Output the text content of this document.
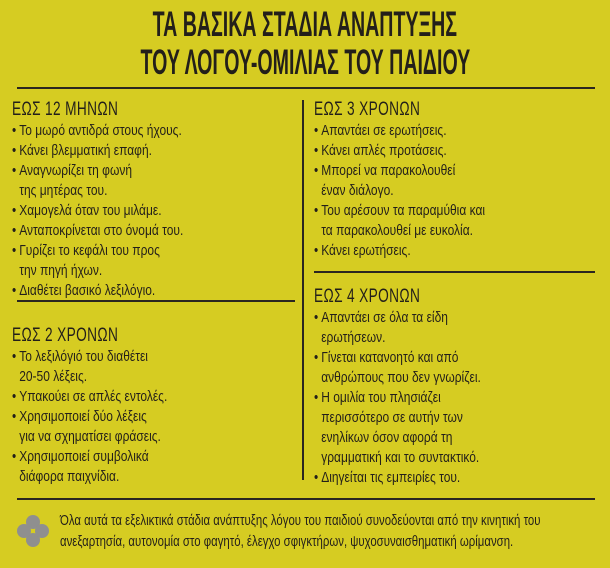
ΤΑ ΒΑΣΙΚΑ ΣΤΑΔΙΑ ΑΝΑΠΤΥΞΗΣ
ΤΟΥ ΛΟΓΟΥ-ΟΜΙΛΙΑΣ ΤΟΥ ΠΑΙΔΙΟΥ
ΕΩΣ 12 ΜΗΝΩΝ
• Το μωρό αντιδρά στους ήχους.
• Κάνει βλεμματική επαφή.
• Αναγνωρίζει τη φωνή
της μητέρας του.
• Χαμογελά όταν του μιλάμε.
• Ανταποκρίνεται στο όνομά του.
• Γυρίζει το κεφάλι του προς
την πηγή ήχων.
• Διαθέτει βασικό λεξιλόγιο.
ΕΩΣ 2 ΧΡΟΝΩΝ
• Το λεξιλόγιό του διαθέτει
20-50 λέξεις.
• Υπακούει σε απλές εντολές.
• Χρησιμοποιεί δύο λέξεις
για να σχηματίσει φράσεις.
• Χρησιμοποιεί συμβολικά
διάφορα παιχνίδια.
ΕΩΣ 3 ΧΡΟΝΩΝ
• Απαντάει σε ερωτήσεις.
• Κάνει απλές προτάσεις.
• Μπορεί να παρακολουθεί
έναν διάλογο.
• Του αρέσουν τα παραμύθια και
τα παρακολουθεί με ευκολία.
• Κάνει ερωτήσεις.
ΕΩΣ 4 ΧΡΟΝΩΝ
• Απαντάει σε όλα τα είδη
ερωτήσεων.
• Γίνεται κατανοητό και από
ανθρώπους που δεν γνωρίζει.
• Η ομιλία του πλησιάζει
περισσότερο σε αυτήν των
ενηλίκων όσον αφορά τη
γραμματική και το συντακτικό.
• Διηγείται τις εμπειρίες του.
Όλα αυτά τα εξελικτικά στάδια ανάπτυξης λόγου του παιδιού συνοδεύονται από την κινητική του
ανεξαρτησία, αυτονομία στο φαγητό, έλεγχο σφιγκτήρων, ψυχοσυναισθηματική ωρίμανση.
